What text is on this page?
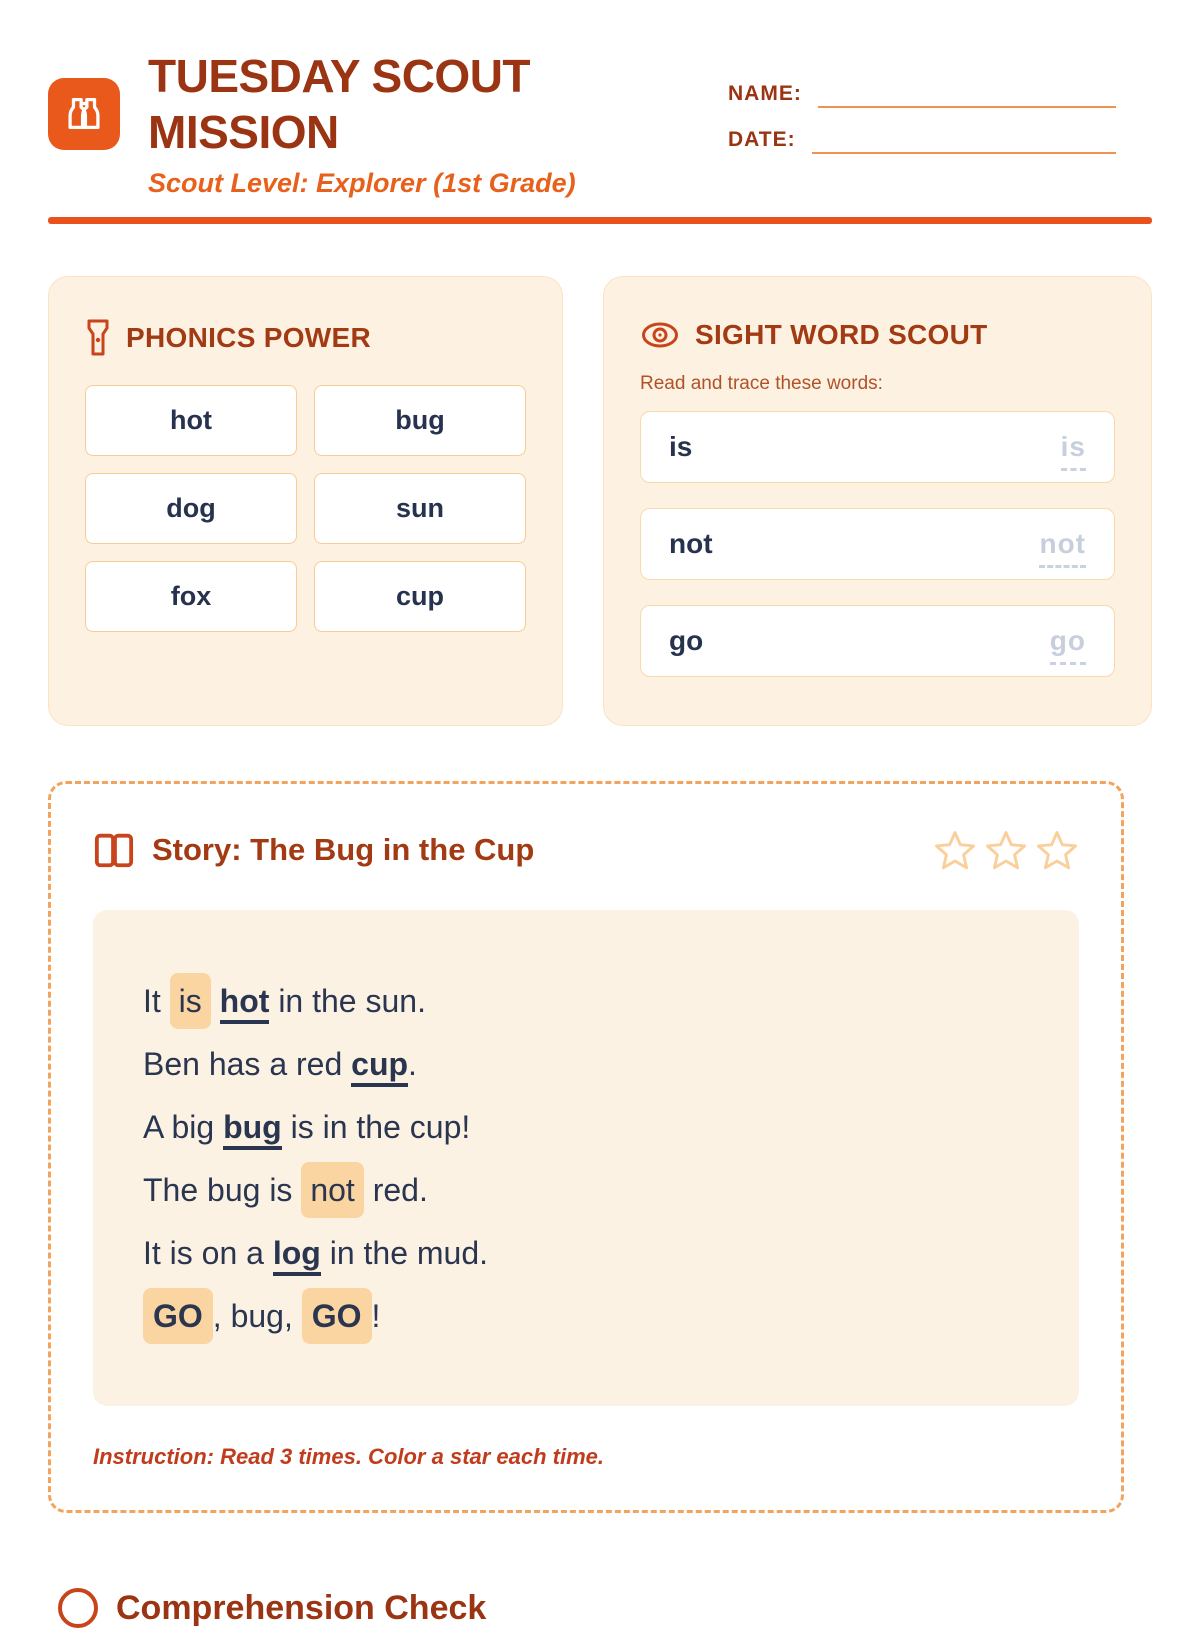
TUESDAY SCOUT
MISSION
Scout Level: Explorer (1st Grade)
NAME:
DATE:
PHONICS POWER
hot	bug
dog	sun
fox	cup
SIGHT WORD SCOUT

Read and trace these words:

is	is
not	not
go	go
Story: The Bug in the Cup

It is hot in the sun.

Ben has a red cup.

A big bug is in the cup!

The bug is not red.

It is on a log in the mud.

GO , bug, GO !

Instruction: Read 3 times. Color a star each time.

Comprehension Check
